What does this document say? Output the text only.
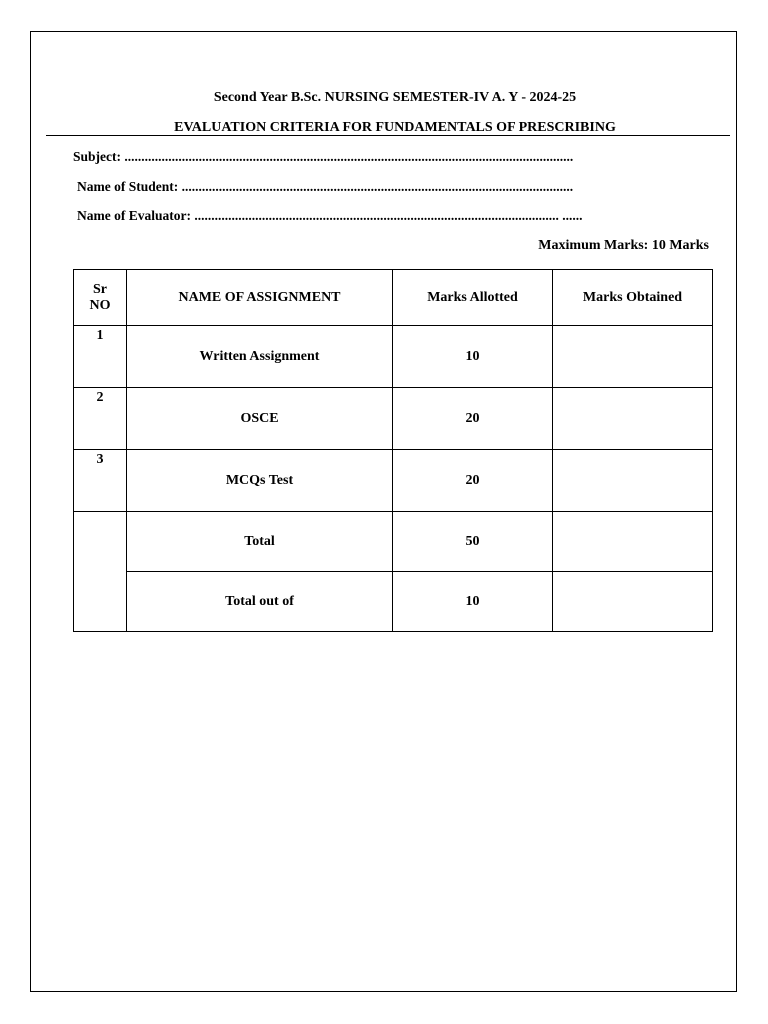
Second Year B.Sc. NURSING SEMESTER-IV A. Y - 2024-25
EVALUATION CRITERIA FOR FUNDAMENTALS OF PRESCRIBING
Subject: .....................................................................................................................................
Name of Student: ....................................................................................................................
Name of Evaluator: ............................................................................................................ ......
Maximum Marks: 10 Marks
Sr
NO	NAME OF ASSIGNMENT	Marks Allotted	Marks Obtained
1	Written Assignment	10	
2	OSCE	20	
3	MCQs Test	20	
	Total	50	
	Total out of	10	
